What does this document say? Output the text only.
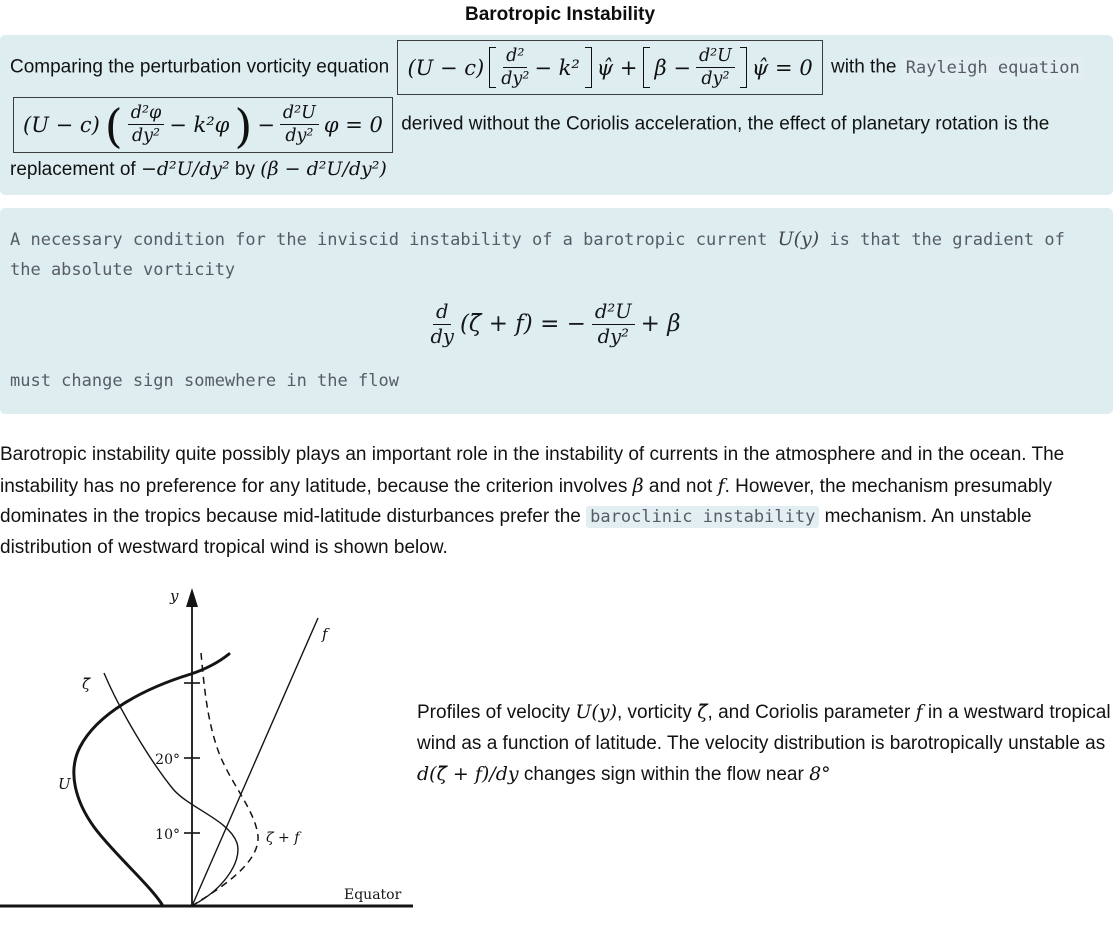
Barotropic Instability

Comparing the perturbation vorticity equation $(U - c) \frac{\text{d²}}{\text{dy²}} - k^2$ ψ̂ + $\beta - \frac{\text{d²U}}{\text{dy²}}$ ψ̂ = 0 with the Rayleigh equation
(U − c) ( $\frac{\text{d²φ}}{\text{dy²}} - k^2\varphi$ ) − $\frac{\text{d²U}}{\text{dy²}}$ φ = 0 derived without the Coriolis acceleration, the effect of planetary rotation is the replacement of −d²U/dy² by (β − d²U/dy²)

A necessary condition for the inviscid instability of a barotropic current U(y) is that the gradient of the absolute vorticity

$\frac{d}{dy}$ (ζ̄ + f) = − $\frac{\text{d²U}}{\text{dy²}} + \beta$

must change sign somewhere in the flow

Barotropic instability quite possibly plays an important role in the instability of currents in the atmosphere and in the ocean. The instability has no preference for any latitude, because the criterion involves β and not f. However, the mechanism presumably dominates in the tropics because mid-latitude disturbances prefer the baroclinic instability mechanism. An unstable distribution of westward tropical wind is shown below.

y
20°
10°
f
U
ζ̄
ζ̄ + f
Equator
Profiles of velocity U(y), vorticity ζ̄, and Coriolis parameter f in a westward tropical wind as a function of latitude. The velocity distribution is barotropically unstable as d(ζ̄ + f)/dy changes sign within the flow near 8°
